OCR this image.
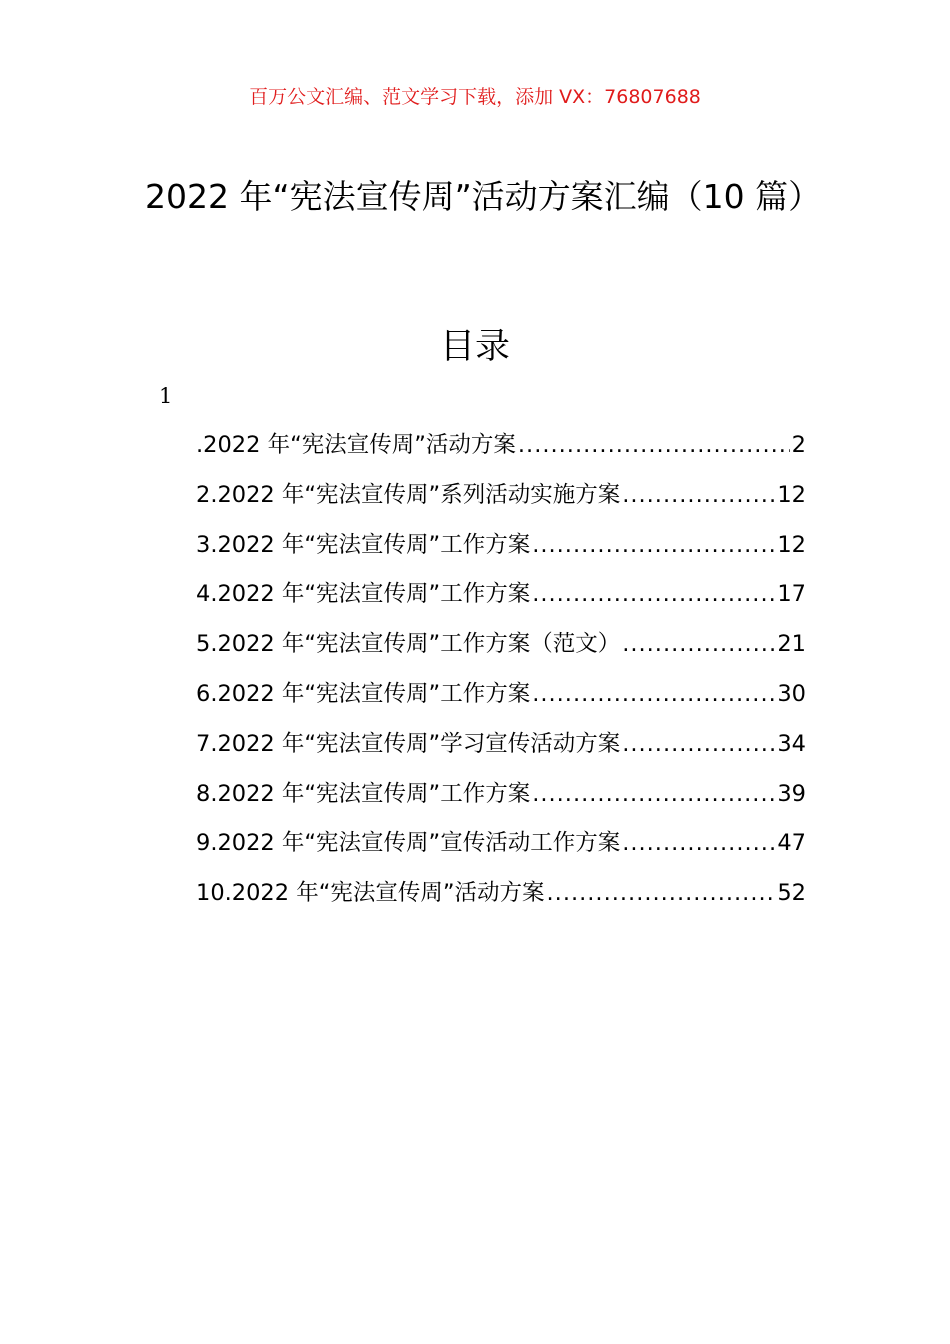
百万公文汇编、范文学习下载，添加 VX：76807688
2022 年“宪法宣传周”活动方案汇编（10 篇）
目录
1
.2022 年“宪法宣传周”活动方案 .....	2
2.2022 年“宪法宣传周”系列活动实施方案 .....	12
3.2022 年“宪法宣传周”工作方案 .....	12
4.2022 年“宪法宣传周”工作方案 .....	17
5.2022 年“宪法宣传周”工作方案（范文） .....	21
6.2022 年“宪法宣传周”工作方案 .....	30
7.2022 年“宪法宣传周”学习宣传活动方案 .....	34
8.2022 年“宪法宣传周”工作方案 .....	39
9.2022 年“宪法宣传周”宣传活动工作方案 .....	47
10.2022 年“宪法宣传周”活动方案 .....	52
